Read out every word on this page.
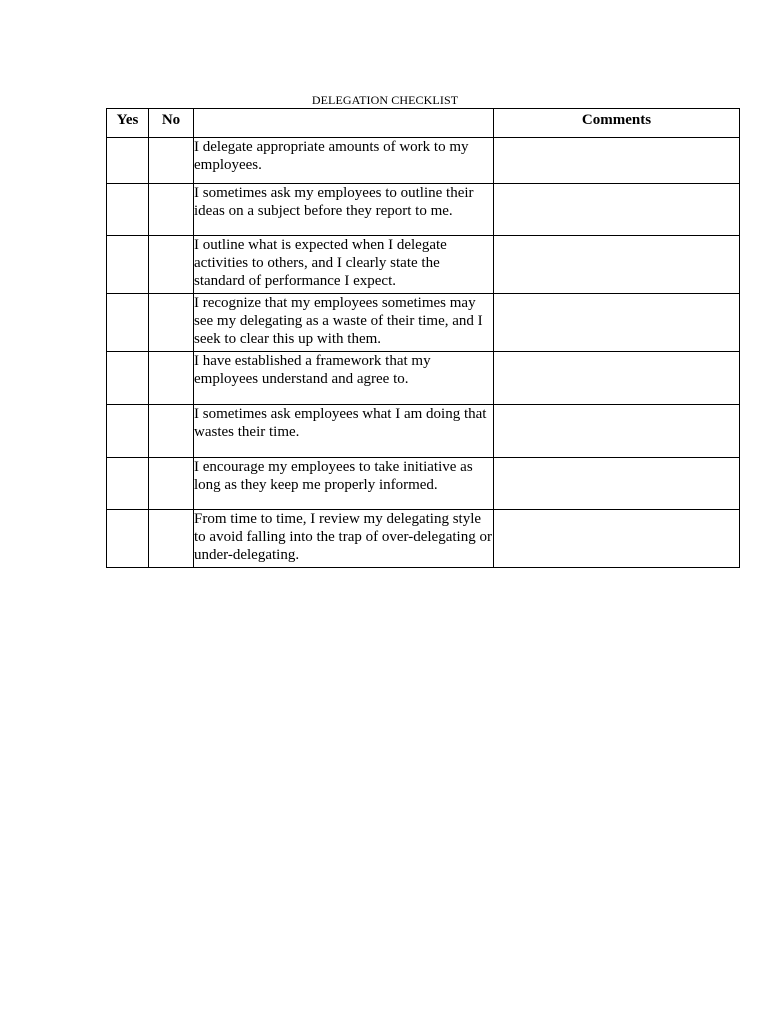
DELEGATION CHECKLIST
Yes	No		Comments
		I delegate appropriate amounts of work to my employees.	
		I sometimes ask my employees to outline their ideas on a subject before they report to me.	
		I outline what is expected when I delegate activities to others, and I clearly state the standard of performance I expect.	
		I recognize that my employees sometimes may see my delegating as a waste of their time, and I seek to clear this up with them.	
		I have established a framework that my employees understand and agree to.	
		I sometimes ask employees what I am doing that wastes their time.	
		I encourage my employees to take initiative as long as they keep me properly informed.	
		From time to time, I review my delegating style to avoid falling into the trap of over-delegating or under-delegating.	
